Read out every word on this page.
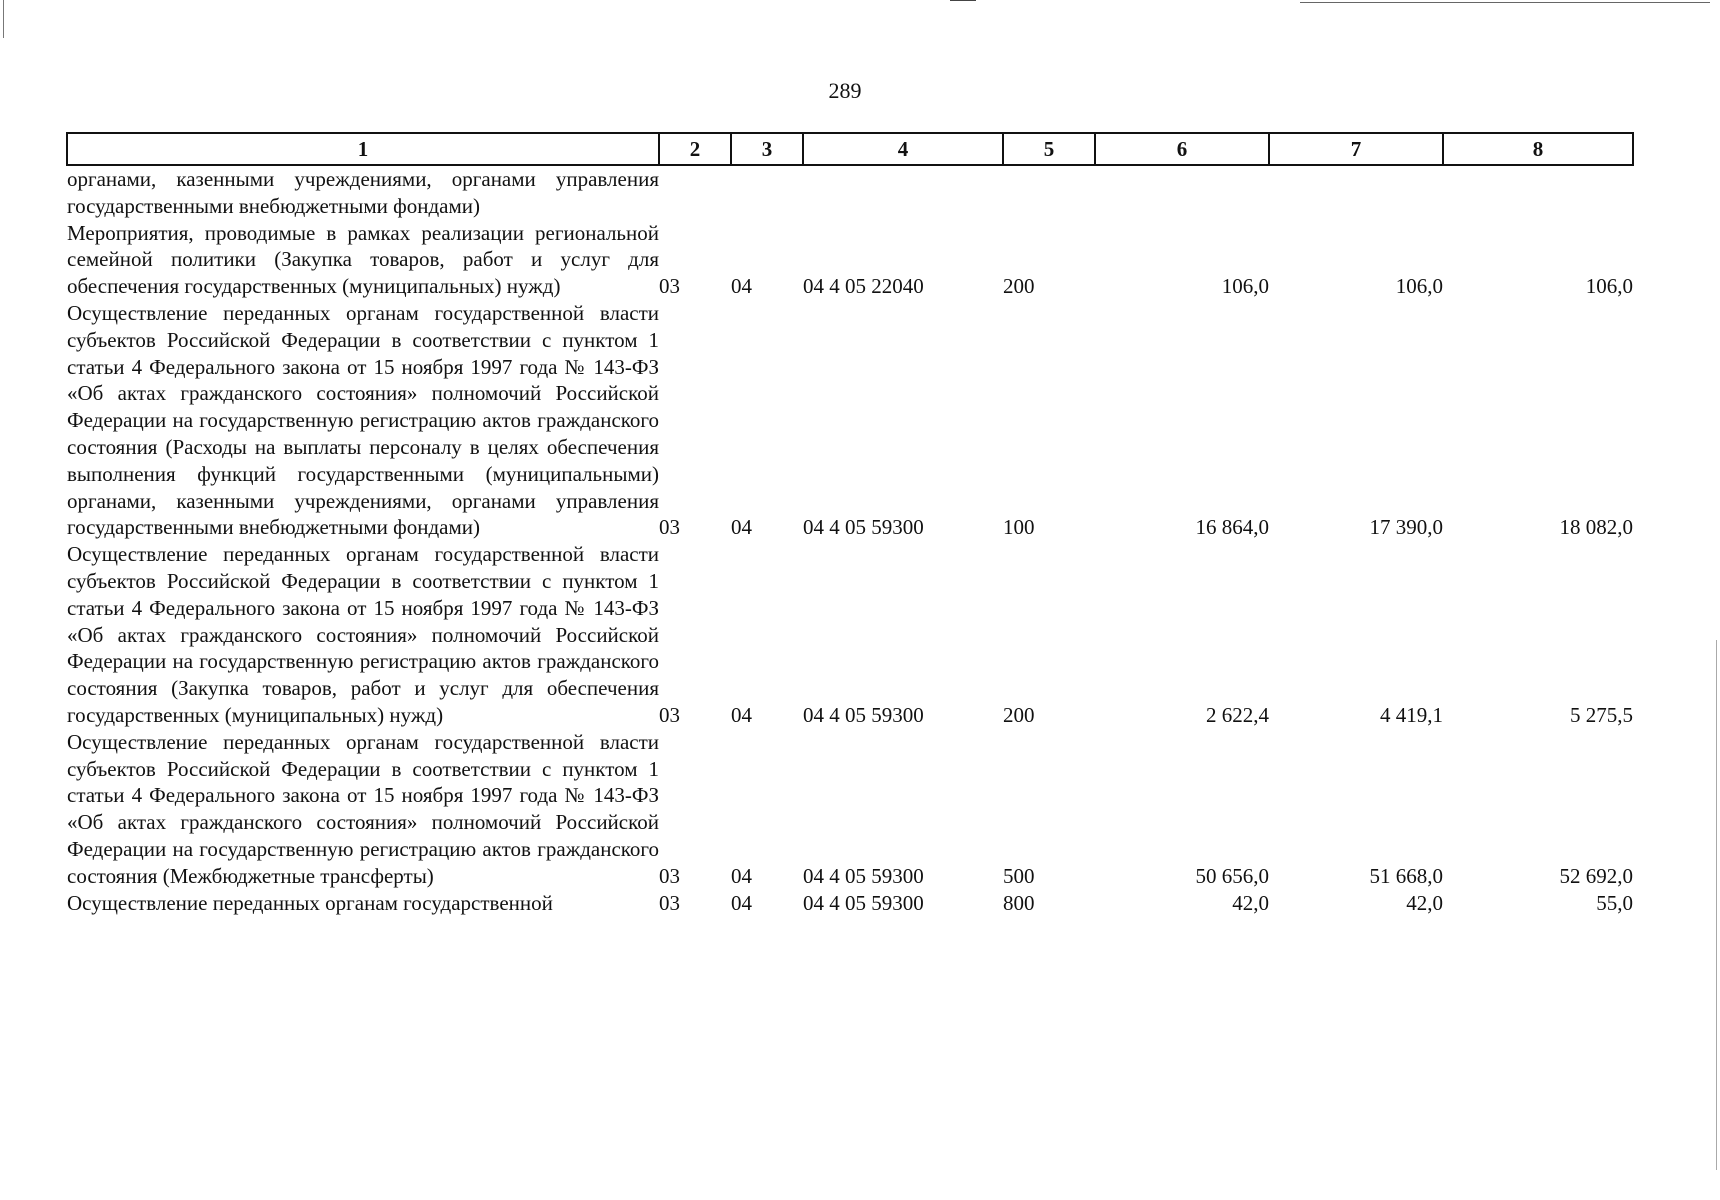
289
1	2	3	4	5	6	7	8
органами, казенными учреждениями, органами управления государственными внебюджетными фондами)							
Мероприятия, проводимые в рамках реализации региональной семейной политики (Закупка товаров, работ и услуг для обеспечения государственных (муниципальных) нужд)	03	04	04 4 05 22040	200	106,0	106,0	106,0
Осуществление переданных органам государственной власти субъектов Российской Федерации в соответствии с пунктом 1 статьи 4 Федерального закона от 15 ноября 1997 года № 143-ФЗ «Об актах гражданского состояния» полномочий Российской Федерации на государственную регистрацию актов гражданского состояния (Расходы на выплаты персоналу в целях обеспечения выполнения функций государственными (муниципальными) органами, казенными учреждениями, органами управления государственными внебюджетными фондами)	03	04	04 4 05 59300	100	16 864,0	17 390,0	18 082,0
Осуществление переданных органам государственной власти субъектов Российской Федерации в соответствии с пунктом 1 статьи 4 Федерального закона от 15 ноября 1997 года № 143-ФЗ «Об актах гражданского состояния» полномочий Российской Федерации на государственную регистрацию актов гражданского состояния (Закупка товаров, работ и услуг для обеспечения государственных (муниципальных) нужд)	03	04	04 4 05 59300	200	2 622,4	4 419,1	5 275,5
Осуществление переданных органам государственной власти субъектов Российской Федерации в соответствии с пунктом 1 статьи 4 Федерального закона от 15 ноября 1997 года № 143-ФЗ «Об актах гражданского состояния» полномочий Российской Федерации на государственную регистрацию актов гражданского состояния (Межбюджетные трансферты)	03	04	04 4 05 59300	500	50 656,0	51 668,0	52 692,0
Осуществление переданных органам государственной	03	04	04 4 05 59300	800	42,0	42,0	55,0
